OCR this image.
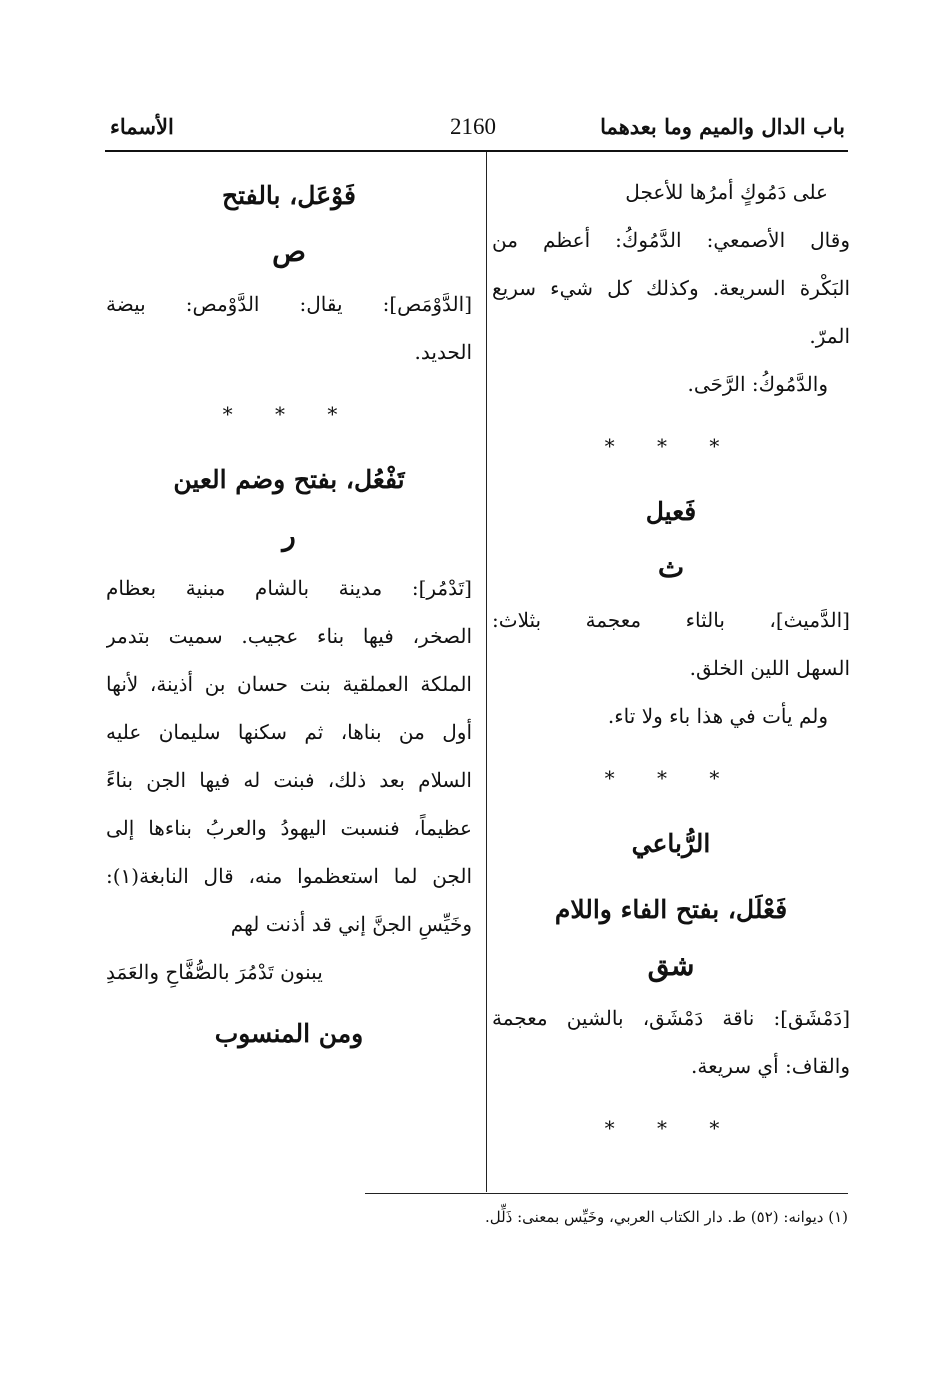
باب الدال والميم وما بعدهما
2160
الأسماء
على دَمُوكٍ أمرُها للأعجل
وقال الأصمعي: الدَّمُوكُ: أعظم من
البَكْرة السريعة. وكذلك كل شيء سريع
المرّ.
والدَّمُوكُ: الرَّحَى.
* * *
فَعيل
ث
[الدَّميث]، بالثاء معجمة بثلاث:
السهل اللين الخلق.
ولم يأت في هذا باء ولا تاء.
* * *
الرُّباعي
فَعْلَل، بفتح الفاء واللام
شق
[دَمْشَق]: ناقة دَمْشَق، بالشين معجمة
والقاف: أي سريعة.
* * *
فَوْعَل، بالفتح
ص
[الدَّوْمَص]: يقال: الدَّوْمص: بيضة
الحديد.
* * *
تَفْعُل، بفتح وضم العين
ر
[تَدْمُر]: مدينة بالشام مبنية بعظام
الصخر، فيها بناء عجيب. سميت بتدمر
الملكة العملقية بنت حسان بن أذينة، لأنها
أول من بناها، ثم سكنها سليمان عليه
السلام بعد ذلك، فبنت له فيها الجن بناءً
عظيماً، فنسبت اليهودُ والعربُ بناءها إلى
الجن لما استعظموا منه، قال النابغة(١):
وخَيِّسِ الجنَّ إني قد أذنت لهم
يبنون تَدْمُرَ بالصُّفَّاحِ والعَمَدِ
ومن المنسوب
(١) ديوانه: (٥٢) ط. دار الكتاب العربي، وخَيِّس بمعنى: ذَلِّل.
